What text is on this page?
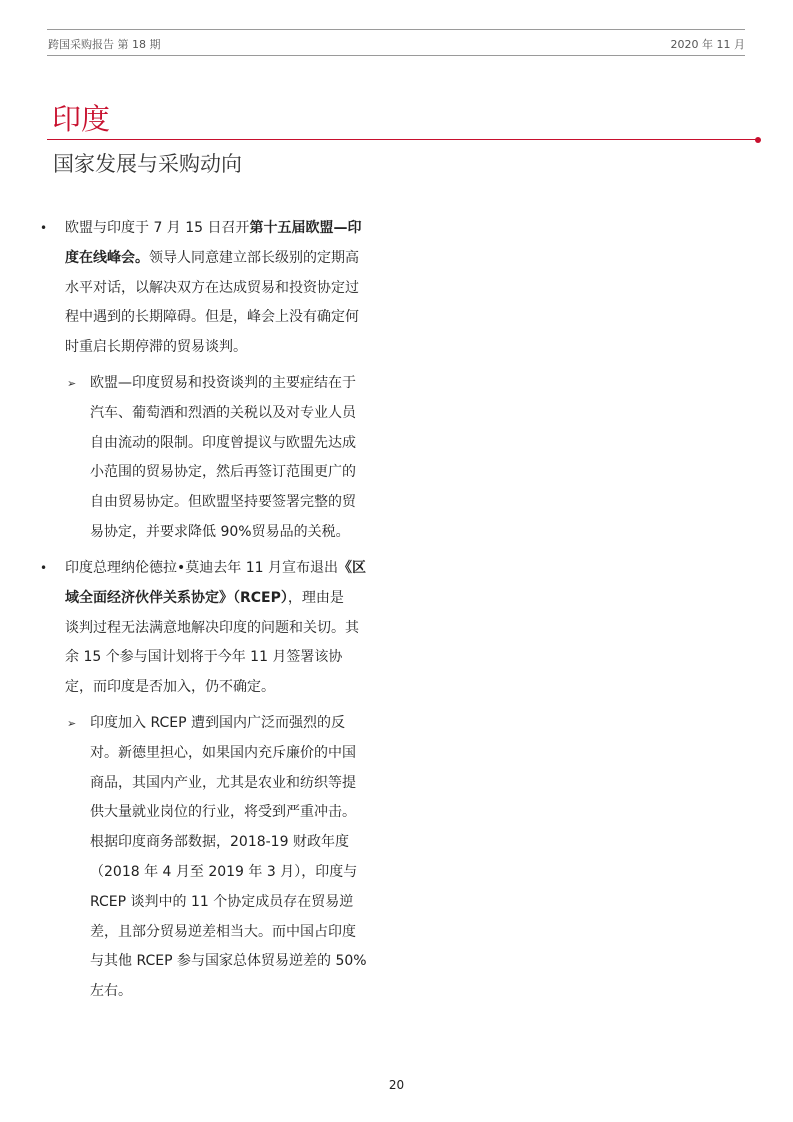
跨国采购报告 第 18 期	2020 年 11 月
印度
国家发展与采购动向
• 欧盟与印度于 7 月 15 日召开第十五届欧盟—印
度在线峰会。领导人同意建立部长级别的定期高
水平对话，以解决双方在达成贸易和投资协定过
程中遇到的长期障碍。但是，峰会上没有确定何
时重启长期停滞的贸易谈判。
➢ 欧盟—印度贸易和投资谈判的主要症结在于
汽车、葡萄酒和烈酒的关税以及对专业人员
自由流动的限制。印度曾提议与欧盟先达成
小范围的贸易协定，然后再签订范围更广的
自由贸易协定。但欧盟坚持要签署完整的贸
易协定，并要求降低 90%贸易品的关税。
• 印度总理纳伦德拉•莫迪去年 11 月宣布退出《区
域全面经济伙伴关系协定》（RCEP），理由是
谈判过程无法满意地解决印度的问题和关切。其
余 15 个参与国计划将于今年 11 月签署该协
定，而印度是否加入，仍不确定。
➢ 印度加入 RCEP 遭到国内广泛而强烈的反
对。新德里担心，如果国内充斥廉价的中国
商品，其国内产业，尤其是农业和纺织等提
供大量就业岗位的行业，将受到严重冲击。
根据印度商务部数据，2018-19 财政年度
（2018 年 4 月至 2019 年 3 月），印度与
RCEP 谈判中的 11 个协定成员存在贸易逆
差，且部分贸易逆差相当大。而中国占印度
与其他 RCEP 参与国家总体贸易逆差的 50%
左右。
20
